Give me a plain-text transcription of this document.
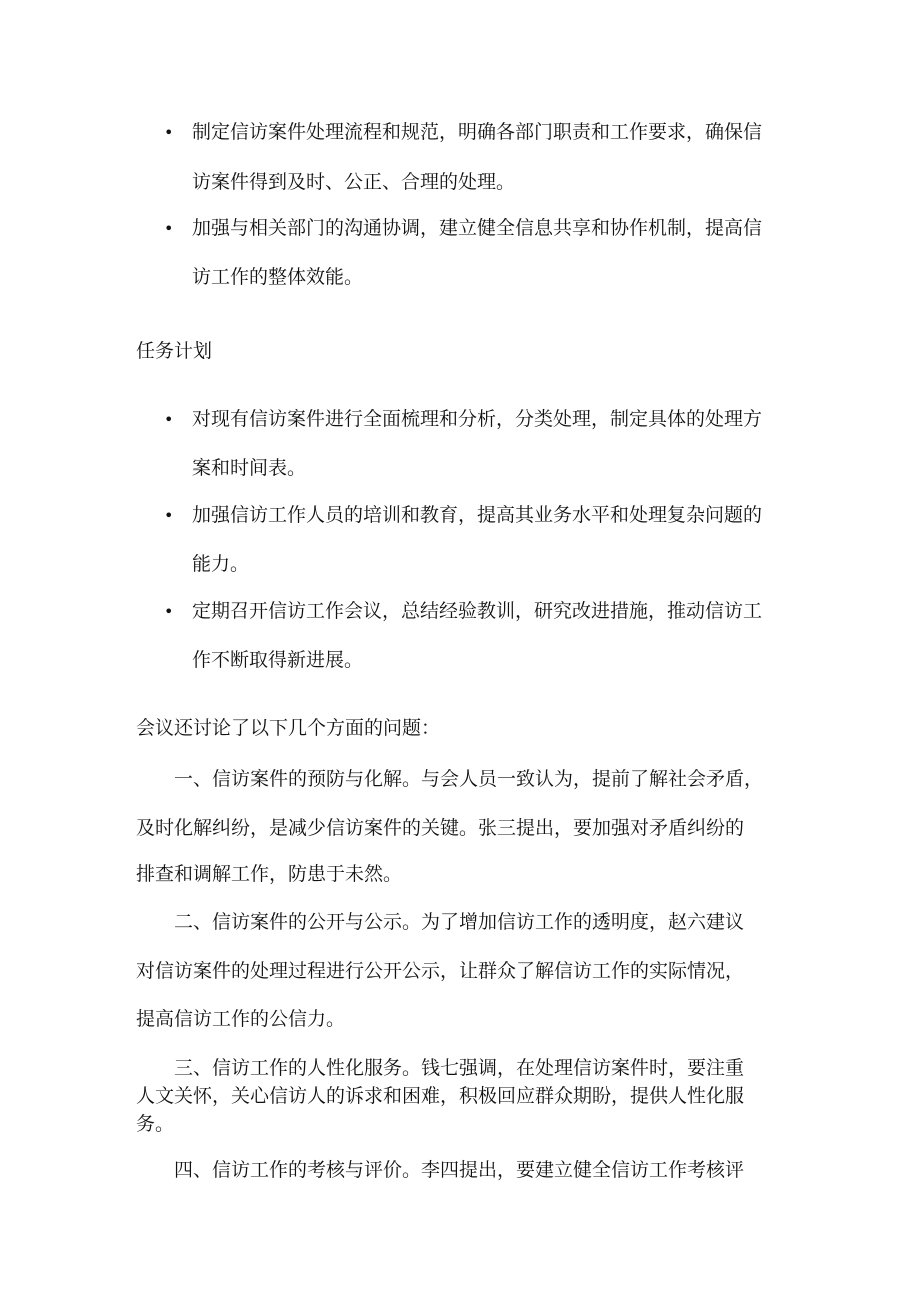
• 制定信访案件处理流程和规范，明确各部门职责和工作要求，确保信
访案件得到及时、公正、合理的处理。
• 加强与相关部门的沟通协调，建立健全信息共享和协作机制，提高信
访工作的整体效能。
任务计划
• 对现有信访案件进行全面梳理和分析，分类处理，制定具体的处理方
案和时间表。
• 加强信访工作人员的培训和教育，提高其业务水平和处理复杂问题的
能力。
• 定期召开信访工作会议，总结经验教训，研究改进措施，推动信访工
作不断取得新进展。
会议还讨论了以下几个方面的问题：
一、信访案件的预防与化解。与会人员一致认为，提前了解社会矛盾，
及时化解纠纷，是减少信访案件的关键。张三提出，要加强对矛盾纠纷的
排查和调解工作，防患于未然。
二、信访案件的公开与公示。为了增加信访工作的透明度，赵六建议
对信访案件的处理过程进行公开公示，让群众了解信访工作的实际情况，
提高信访工作的公信力。
三、信访工作的人性化服务。钱七强调，在处理信访案件时，要注重
人文关怀，关心信访人的诉求和困难，积极回应群众期盼，提供人性化服
务。
四、信访工作的考核与评价。李四提出，要建立健全信访工作考核评
